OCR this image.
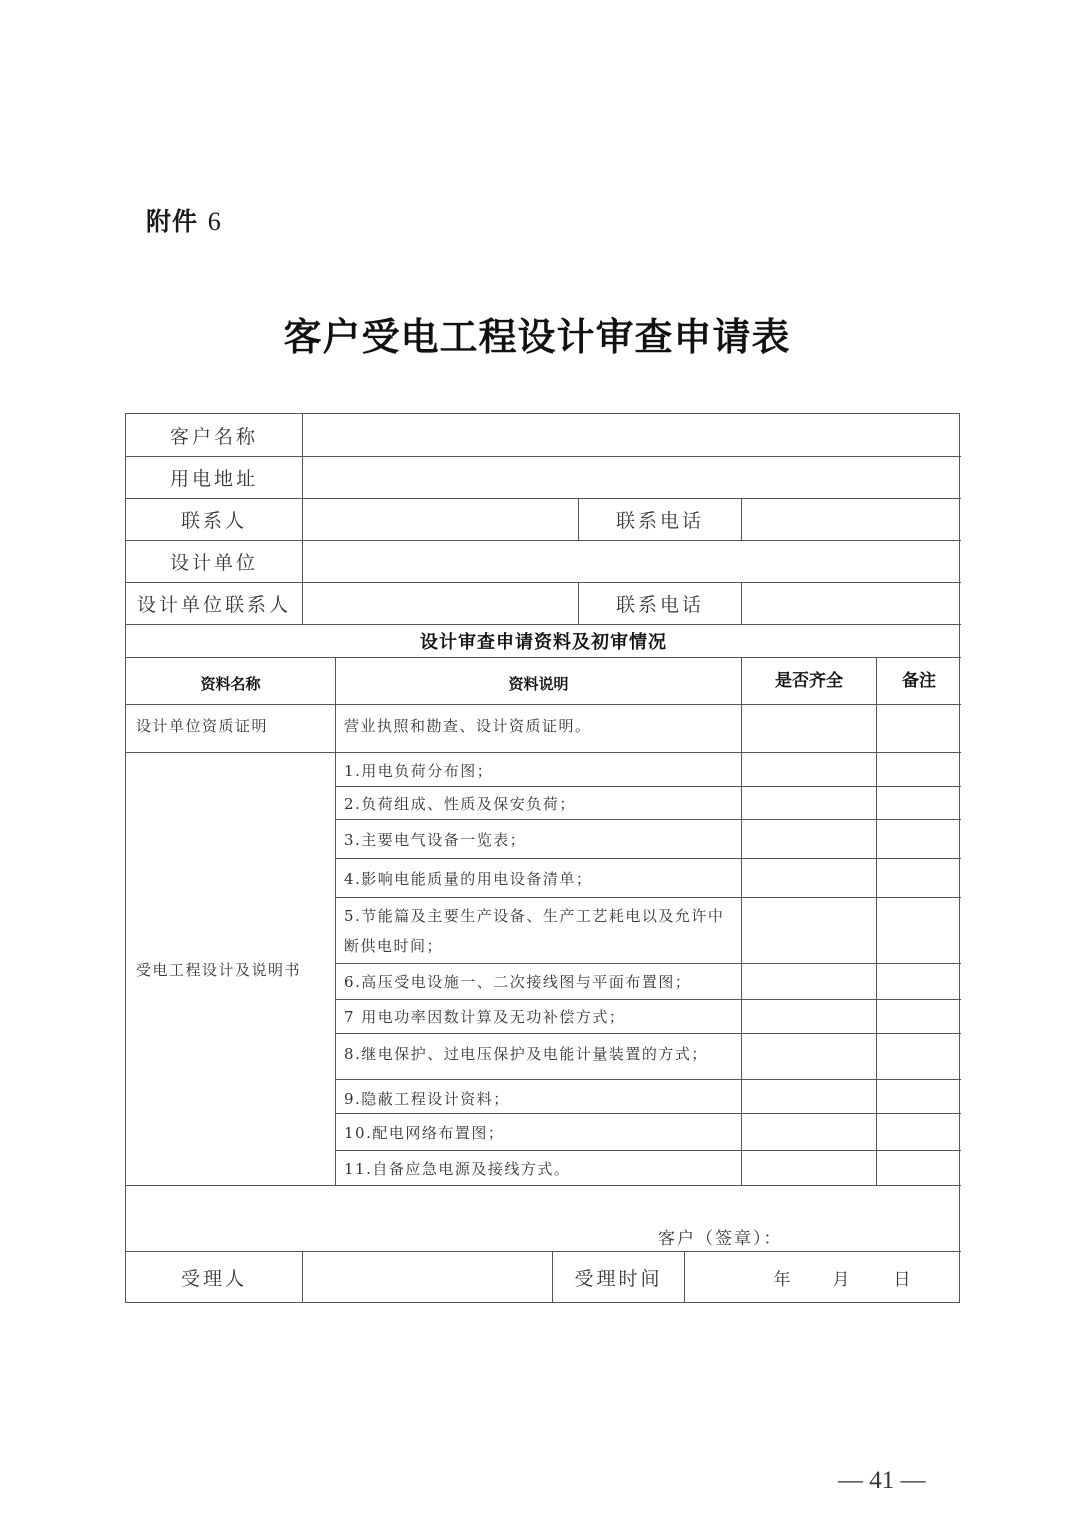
附件 6
客户受电工程设计审查申请表
客户名称
用电地址
联系人	联系电话
设计单位
设计单位联系人	联系电话
设计审查申请资料及初审情况
资料名称	资料说明	是否齐全	备注
设计单位资质证明	营业执照和勘查、设计资质证明。
受电工程设计及说明书
1.用电负荷分布图；
2.负荷组成、性质及保安负荷；
3.主要电气设备一览表；
4.影响电能质量的用电设备清单；
5.节能篇及主要生产设备、生产工艺耗电以及允许中断供电时间；
6.高压受电设施一、二次接线图与平面布置图；
7 用电功率因数计算及无功补偿方式；
8.继电保护、过电压保护及电能计量装置的方式；
9.隐蔽工程设计资料；
10.配电网络布置图；
11.自备应急电源及接线方式。
客户（签章）：
受理人	受理时间	年	月	日
— 41 —
